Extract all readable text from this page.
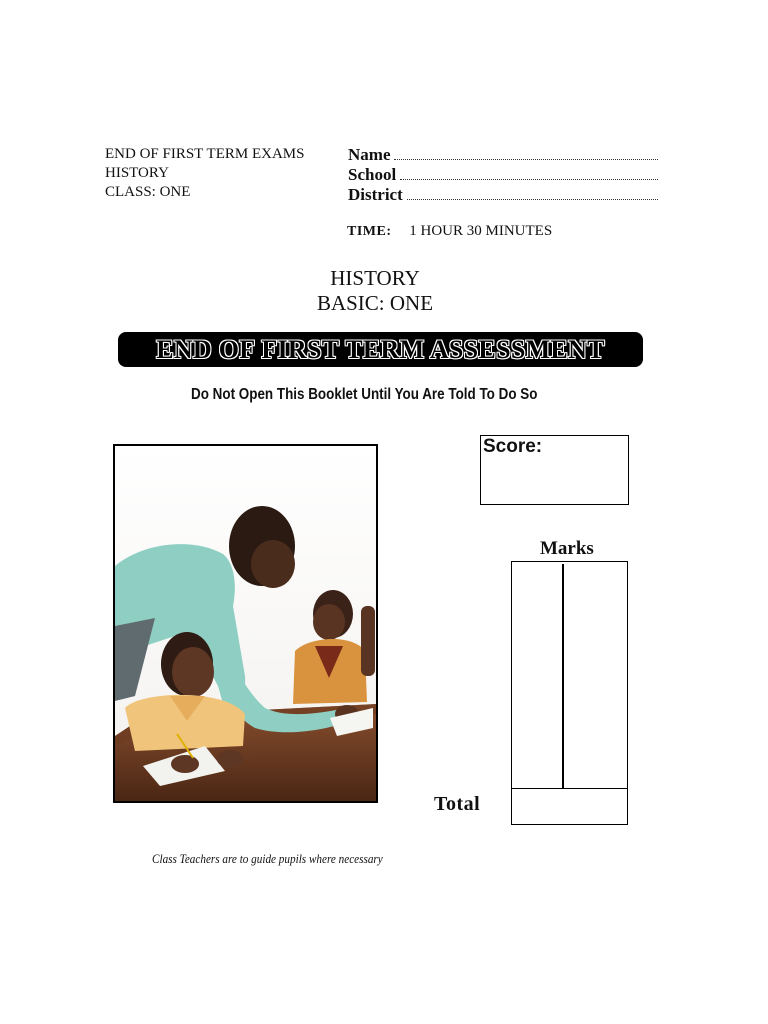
END OF FIRST TERM EXAMS
HISTORY
CLASS: ONE
Name
School
District
TIME: 1 HOUR 30 MINUTES
HISTORY
BASIC: ONE
END OF FIRST TERM ASSESSMENT
Do Not Open This Booklet Until You Are Told To Do So
Score:
Marks
Total
Class Teachers are to guide pupils where necessary
